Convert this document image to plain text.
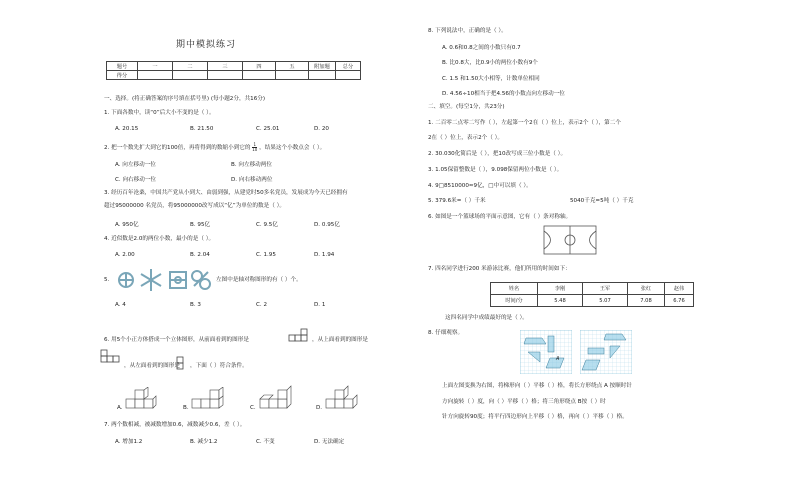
期中模拟练习
题号	一	二	三	四	五	附加题	总分
得分							
一、选择。(将正确答案的序号填在括号里) (每小题2分，共16分)
1. 下面各数中，读“0”后大小不变的是（ ）。
A. 20.15	B. 21.50	C. 25.01	D. 20
2. 把一个数先扩大到它的100倍，再将得到的数缩小到它的 $\frac{1}{10}$ ，结果这个小数点会（ ）。
A. 向左移动一位	B. 向左移动两位
C. 向右移动一位	D. 向右移动两位
3. 经历百年沧桑，中国共产党从小到大、由弱到强，从建党时50多名党员，发展成为今天已经拥有
超过95000000 名党员，将95000000改写成以“亿”为单位的数是（ ）。
A. 950亿	B. 95亿	C. 9.5亿	D. 0.95亿
4. 近似数是2.0的两位小数，最小的是（ ）。
A. 2.00	B. 2.04	C. 1.95	D. 1.94
5.	左图中是轴对称图形的有（ ）个。
A. 4	B. 3	C. 2	D. 1
6. 用5个小正方体搭成一个立体图形，从前面看到的图形是	，从上面看到的图形是
，从左面看到的图形是 ，下面（ ）符合条件。
A.	B.	C.	D.
7. 两个数相减，被减数增加0.6，减数减少0.6，差（ ）。
A. 增加1.2	B. 减少1.2	C. 不变	D. 无法确定
8. 下列说法中，正确的是（ ）。
A. 0.6和0.8之间的小数只有0.7
B. 比0.8大，比0.9小的两位小数有9个
C. 1.5 和1.50大小相等，计数单位相同
D. 4.56÷10相当于把4.56的小数点向左移动一位
二、填空。(每空1分，共23分)
1. 二百零二点零二写作（ ），左起第一个2在（ ）位上，表示2个（ ），第二个
2在（ ）位上，表示2个（ ）。
2. 30.030化简后是（ ），把10改写成三位小数是（ ）。
3. 1.05保留整数是（ ），9.098保留两位小数是（ ）。
4. 9□8510000≈9亿，□中可以填（ ）。
5. 379.6米=（ ）千米	5040千克=5吨（ ）千克
6. 如图是一个篮球场的平面示意图，它有（ ）条对称轴。
7. 四名同学进行200 米游泳比赛，他们所用的时间如下：
姓名	李刚	王军	张红	赵伟
时间/分	5.48	5.07	7.08	6.76
这四名同学中成绩最好的是（ ）。
8. 仔细观察。
A
上面左图变换为右图，将梯形向（ ）平移（ ）格，将长方形绕点 A 按顺时针
方向旋转（ ）度，向（ ）平移（ ）格；将三角形绕点 B按（ ）时
针方向旋转90度；将平行四边形向上平移（ ）格，再向（ ）平移（ ）格。
